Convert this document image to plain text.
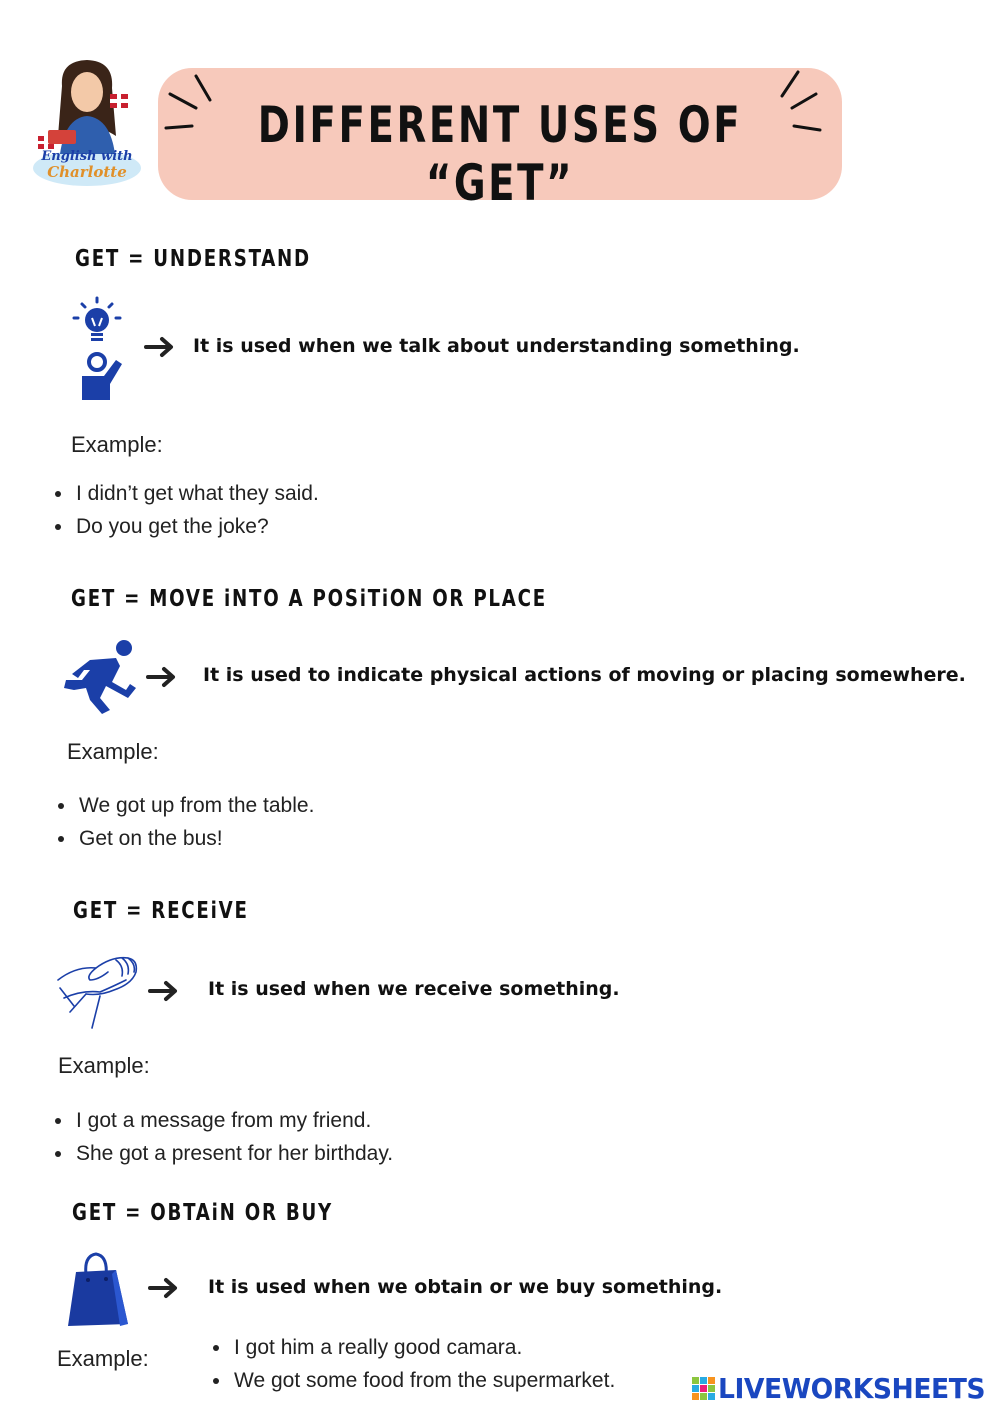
English with
Charlotte
DIFFERENT USES OF “GET”
GET = UNDERSTAND
It is used when we talk about understanding something.
Example:
• I didn’t get what they said.
• Do you get the joke?
GET = MOVE iNTO A POSiTiON OR PLACE
It is used to indicate physical actions of moving or placing somewhere.
Example:
• We got up from the table.
• Get on the bus!
GET = RECEiVE
It is used when we receive something.
Example:
• I got a message from my friend.
• She got a present for her birthday.
GET = OBTAiN OR BUY
It is used when we obtain or we buy something.
Example:
•	I got him a really good camara.
• We got some food from the supermarket.	LIVEWORKSHEETS
